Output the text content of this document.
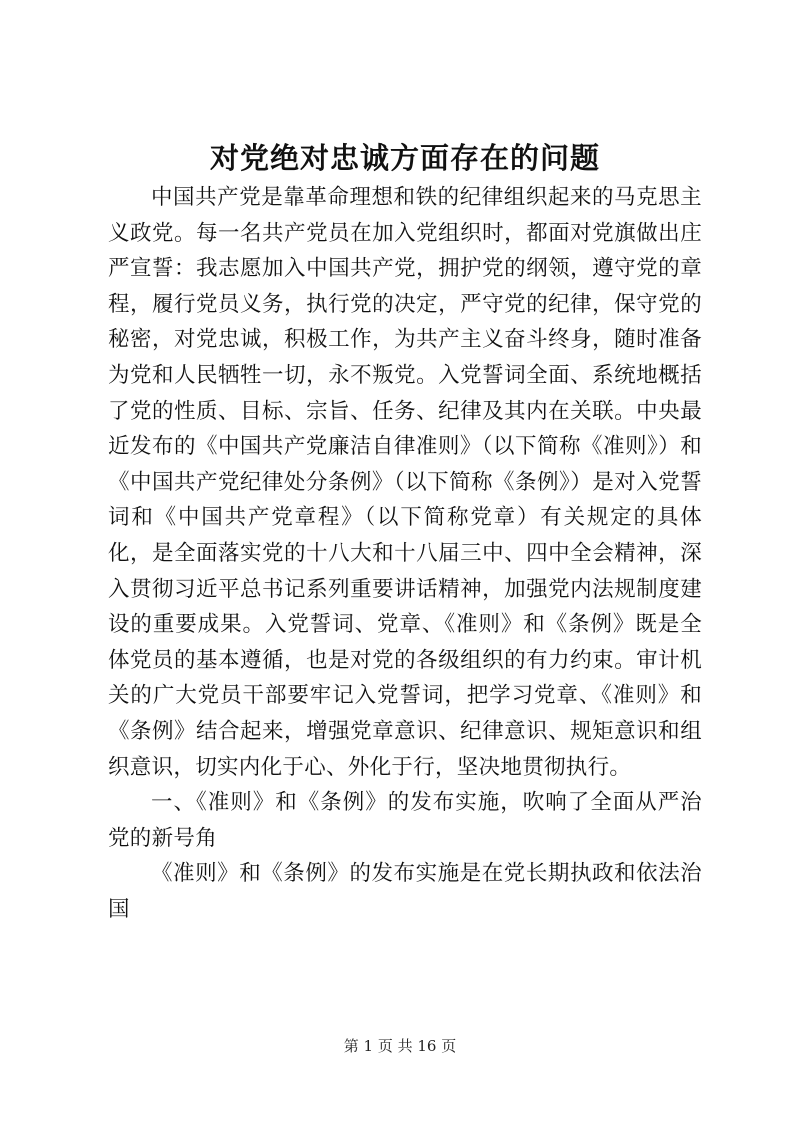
对党绝对忠诚方面存在的问题

中国共产党是靠革命理想和铁的纪律组织起来的马克思主义政党。每一名共产党员在加入党组织时，都面对党旗做出庄严宣誓：我志愿加入中国共产党，拥护党的纲领，遵守党的章程，履行党员义务，执行党的决定，严守党的纪律，保守党的秘密，对党忠诚，积极工作，为共产主义奋斗终身，随时准备为党和人民牺牲一切，永不叛党。入党誓词全面、系统地概括了党的性质、目标、宗旨、任务、纪律及其内在关联。中央最近发布的《中国共产党廉洁自律准则》（以下简称《准则》）和《中国共产党纪律处分条例》（以下简称《条例》）是对入党誓词和《中国共产党章程》（以下简称党章）有关规定的具体化，是全面落实党的十八大和十八届三中、四中全会精神，深入贯彻习近平总书记系列重要讲话精神，加强党内法规制度建设的重要成果。入党誓词、党章、《准则》和《条例》既是全体党员的基本遵循，也是对党的各级组织的有力约束。审计机关的广大党员干部要牢记入党誓词，把学习党章、《准则》和《条例》结合起来，增强党章意识、纪律意识、规矩意识和组织意识，切实内化于心、外化于行，坚决地贯彻执行。

一、《准则》和《条例》的发布实施，吹响了全面从严治党的新号角

《准则》和《条例》的发布实施是在党长期执政和依法治国

第 1 页 共 16 页
